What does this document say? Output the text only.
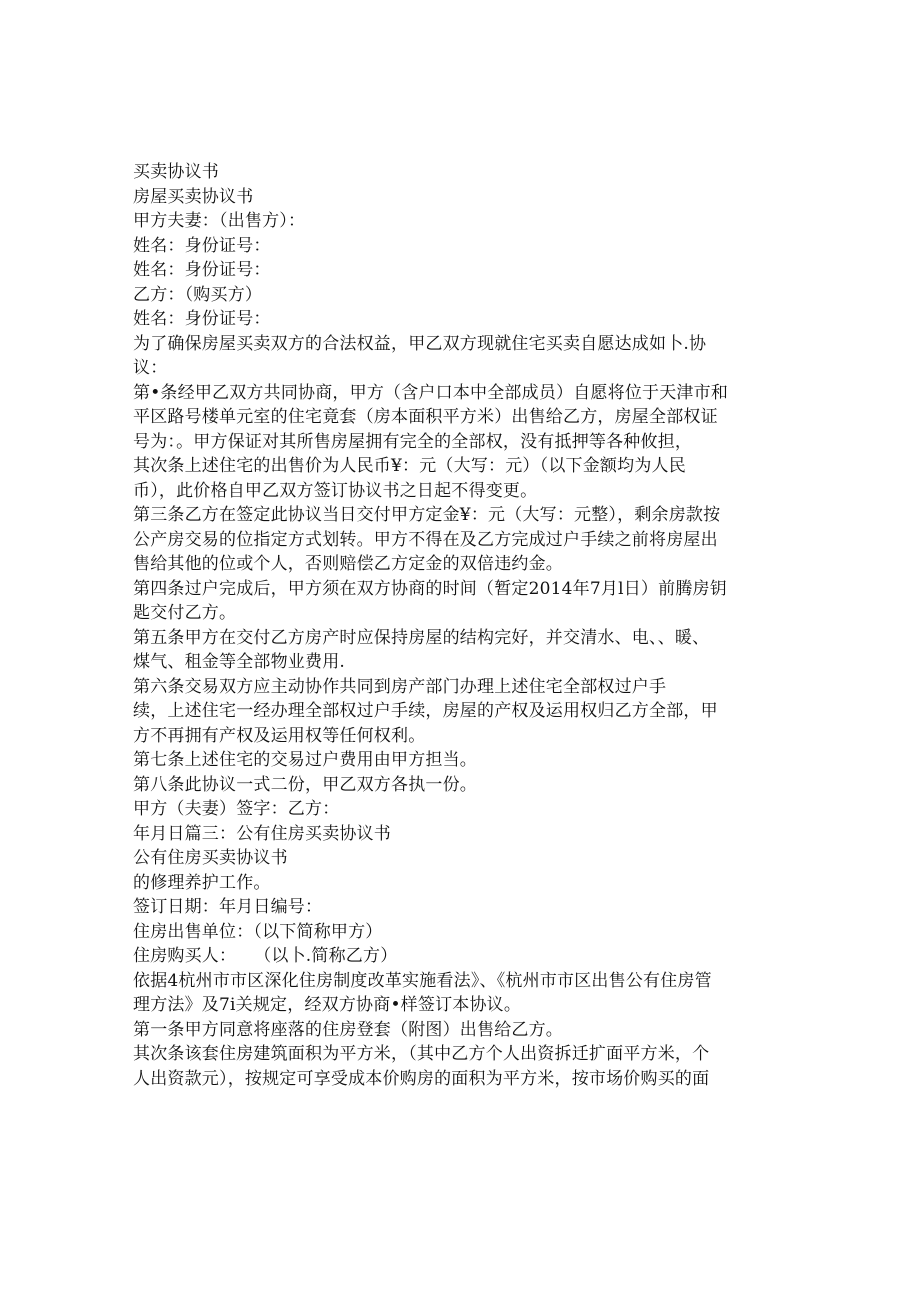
买卖协议书
房屋买卖协议书
甲方夫妻：（出售方）：
姓名：身份证号：
姓名：身份证号：
乙方：（购买方）
姓名：身份证号：
为了确保房屋买卖双方的合法权益，甲乙双方现就住宅买卖自愿达成如卜.协
议：
第•条经甲乙双方共同协商，甲方（含户口本中全部成员）自愿将位于天津市和
平区路号楼单元室的住宅竟套（房本面积平方米）出售给乙方，房屋全部权证
号为：。甲方保证对其所售房屋拥有完全的全部权，没有抵押等各种攸担，
其次条上述住宅的出售价为人民币¥：元（大写：元）（以下金额均为人民
币），此价格自甲乙双方签订协议书之日起不得变更。
第三条乙方在签定此协议当日交付甲方定金¥：元（大写：元整），剩余房款按
公产房交易的位指定方式划转。甲方不得在及乙方完成过户手续之前将房屋出
售给其他的位或个人，否则赔偿乙方定金的双倍违约金。
第四条过户完成后，甲方须在双方协商的时间（暂定2014年7月l日）前腾房钥
匙交付乙方。
第五条甲方在交付乙方房产时应保持房屋的结构完好，并交清水、电、、暖、
煤气、租金等全部物业费用.
第六条交易双方应主动协作共同到房产部门办理上述住宅全部权过户手
续，上述住宅一经办理全部权过户手续，房屋的产权及运用权归乙方全部，甲
方不再拥有产权及运用权等任何权利。
第七条上述住宅的交易过户费用由甲方担当。
第八条此协议一式二份，甲乙双方各执一份。
甲方（夫妻）签字：乙方：
年月日篇三：公有住房买卖协议书
公有住房买卖协议书
的修理养护工作。
签订日期：年月日编号：
住房出售单位：（以下简称甲方）
住房购买人： （以卜.简称乙方）
依据4杭州市市区深化住房制度改革实施看法》、《杭州市市区出售公有住房管
理方法》及7i关规定，经双方协商•样签订本协议。
第一条甲方同意将座落的住房登套（附图）出售给乙方。
其次条该套住房建筑面积为平方米，（其中乙方个人出资拆迁扩面平方米，个
人出资款元），按规定可享受成本价购房的面积为平方米，按市场价购买的面
